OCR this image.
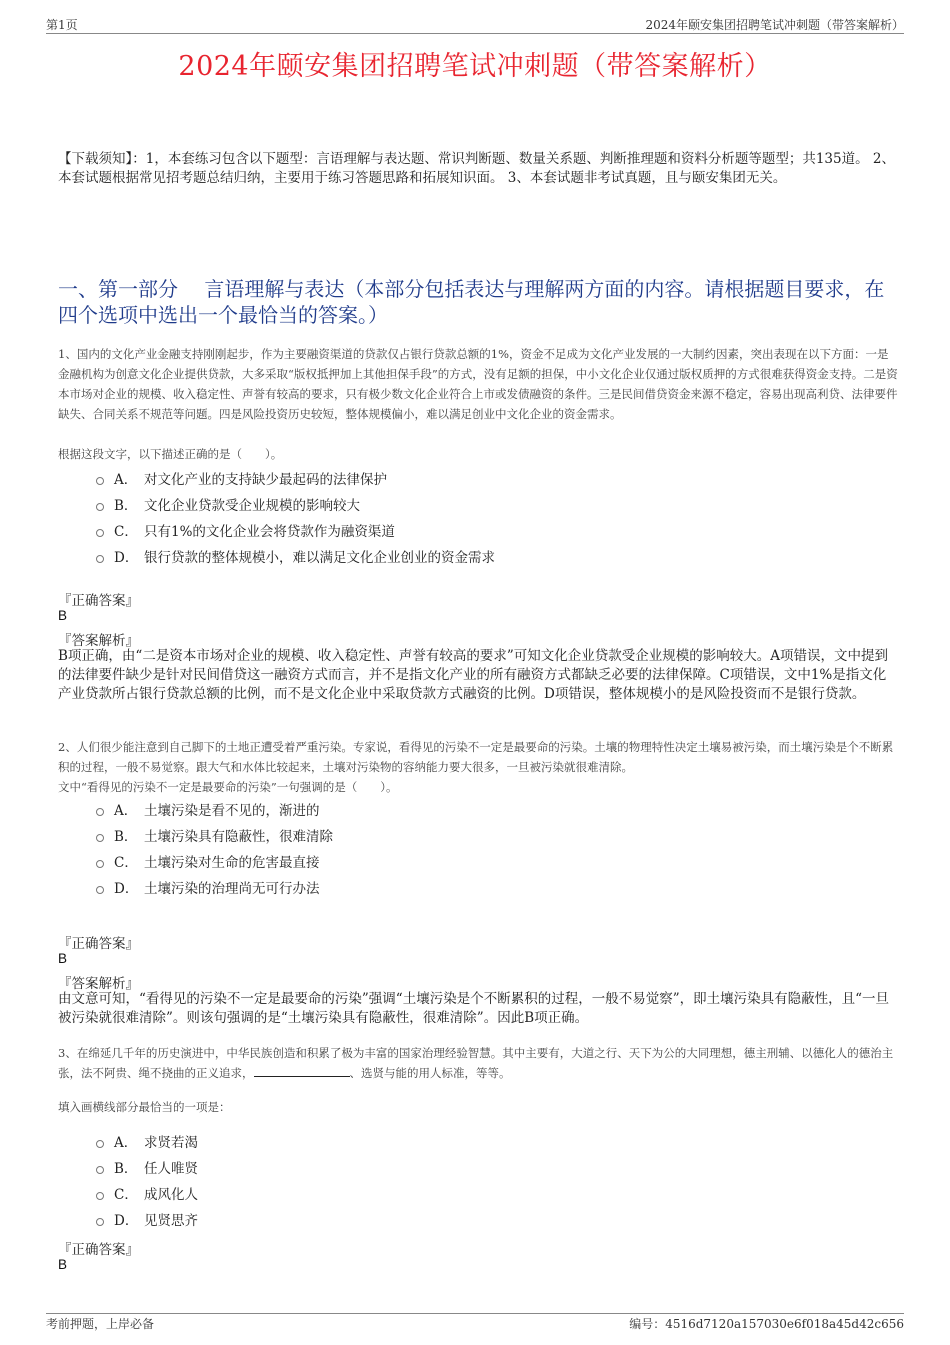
第1页	2024年颐安集团招聘笔试冲刺题（带答案解析）
2024年颐安集团招聘笔试冲刺题（带答案解析）
【下载须知】：1，本套练习包含以下题型：言语理解与表达题、常识判断题、数量关系题、判断推理题和资料分析题等题型；共135道。 2、本套试题根据常见招考题总结归纳，主要用于练习答题思路和拓展知识面。 3、本套试题非考试真题，且与颐安集团无关。
一、第一部分　 言语理解与表达（本部分包括表达与理解两方面的内容。请根据题目要求，在四个选项中选出一个最恰当的答案。）
1、国内的文化产业金融支持刚刚起步，作为主要融资渠道的贷款仅占银行贷款总额的1%，资金不足成为文化产业发展的一大制约因素，突出表现在以下方面：一是金融机构为创意文化企业提供贷款，大多采取“版权抵押加上其他担保手段”的方式，没有足额的担保，中小文化企业仅通过版权质押的方式很难获得资金支持。二是资本市场对企业的规模、收入稳定性、声誉有较高的要求，只有极少数文化企业符合上市或发债融资的条件。三是民间借贷资金来源不稳定，容易出现高利贷、法律要件缺失、合同关系不规范等问题。四是风险投资历史较短，整体规模偏小，难以满足创业中文化企业的资金需求。
根据这段文字，以下描述正确的是（　　）。
A． 对文化产业的支持缺少最起码的法律保护
B． 文化企业贷款受企业规模的影响较大
C． 只有1%的文化企业会将贷款作为融资渠道
D． 银行贷款的整体规模小，难以满足文化企业创业的资金需求
『正确答案』
B
『答案解析』
B项正确，由“二是资本市场对企业的规模、收入稳定性、声誉有较高的要求”可知文化企业贷款受企业规模的影响较大。A项错误，文中提到的法律要件缺少是针对民间借贷这一融资方式而言，并不是指文化产业的所有融资方式都缺乏必要的法律保障。C项错误，文中1%是指文化产业贷款所占银行贷款总额的比例，而不是文化企业中采取贷款方式融资的比例。D项错误，整体规模小的是风险投资而不是银行贷款。
2、人们很少能注意到自己脚下的土地正遭受着严重污染。专家说，看得见的污染不一定是最要命的污染。土壤的物理特性决定土壤易被污染，而土壤污染是个不断累积的过程，一般不易觉察。跟大气和水体比较起来，土壤对污染物的容纳能力要大很多，一旦被污染就很难清除。
文中“看得见的污染不一定是最要命的污染”一句强调的是（　　）。
A． 土壤污染是看不见的，渐进的
B． 土壤污染具有隐蔽性，很难清除
C． 土壤污染对生命的危害最直接
D． 土壤污染的治理尚无可行办法
『正确答案』
B
『答案解析』
由文意可知，“看得见的污染不一定是最要命的污染”强调“土壤污染是个不断累积的过程，一般不易觉察”，即土壤污染具有隐蔽性，且“一旦被污染就很难清除”。则该句强调的是“土壤污染具有隐蔽性，很难清除”。因此B项正确。
3、在绵延几千年的历史演进中，中华民族创造和积累了极为丰富的国家治理经验智慧。其中主要有，大道之行、天下为公的大同理想，德主刑辅、以德化人的德治主张，法不阿贵、绳不挠曲的正义追求，	、选贤与能的用人标准，等等。
填入画横线部分最恰当的一项是：
A． 求贤若渴
B． 任人唯贤
C． 成风化人
D． 见贤思齐
『正确答案』
B
考前押题，上岸必备	编号：4516d7120a157030e6f018a45d42c656
